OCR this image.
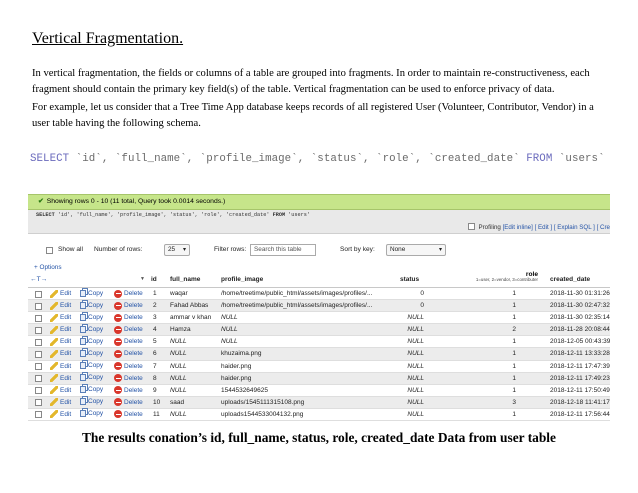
Vertical Fragmentation.

In vertical fragmentation, the fields or columns of a table are grouped into fragments. In order to maintain re-constructiveness, each fragment should contain the primary key field(s) of the table. Vertical fragmentation can be used to enforce privacy of data.

For example, let us consider that a Tree Time App database keeps records of all registered User (Volunteer, Contributor, Vendor) in a user table having the following schema.

SELECT `id`, `full_name`, `profile_image`, `status`, `role`, `created_date` FROM `users`
✔ Showing rows 0 - 10 (11 total, Query took 0.0014 seconds.)
SELECT 'id', 'full_name', 'profile_image', 'status', 'role', 'created_date' FROM 'users'
Profiling [Edit inline] [ Edit ] [ Explain SQL ] [ Cre
Show all Number of rows:	25 ▾	Filter rows:	Search this table	Sort by key:	None	▾
+ Options
←T→	▼ id full_name	profile_image	status
role
1=user, 2=vendor, 3=contributer created_date
Edit	Copy	Delete 1 waqar	/home/treetime/public_html/assets/images/profiles/...	0	1	2018-11-30 01:31:26
Edit	Copy	Delete 2 Fahad Abbas	/home/treetime/public_html/assets/images/profiles/...	0	1	2018-11-30 02:47:32
Edit	Copy	Delete 3 ammar v khan	NULL	NULL	1	2018-11-30 02:35:14
Edit	Copy	Delete 4 Hamza	NULL	NULL	2	2018-11-28 20:08:44
Edit	Copy	Delete 5 NULL	NULL	NULL	1	2018-12-05 00:43:39
Edit	Copy	Delete 6 NULL	khuzaima.png	NULL	1	2018-12-11 13:33:28
Edit	Copy	Delete 7 NULL	haider.png	NULL	1	2018-12-11 17:47:39
Edit	Copy	Delete 8 NULL	haider.png	NULL	1	2018-12-11 17:49:23
Edit	Copy	Delete 9 NULL	1544532649625	NULL	1	2018-12-11 17:50:49
Edit	Copy	Delete 10 saad	uploads/1545111315108.png	NULL	3	2018-12-18 11:41:17
Edit	Copy	Delete 11 NULL	uploads1544533004132.png	NULL	1	2018-12-11 17:56:44
The results conation’s id, full_name, status, role, created_date Data from user table
